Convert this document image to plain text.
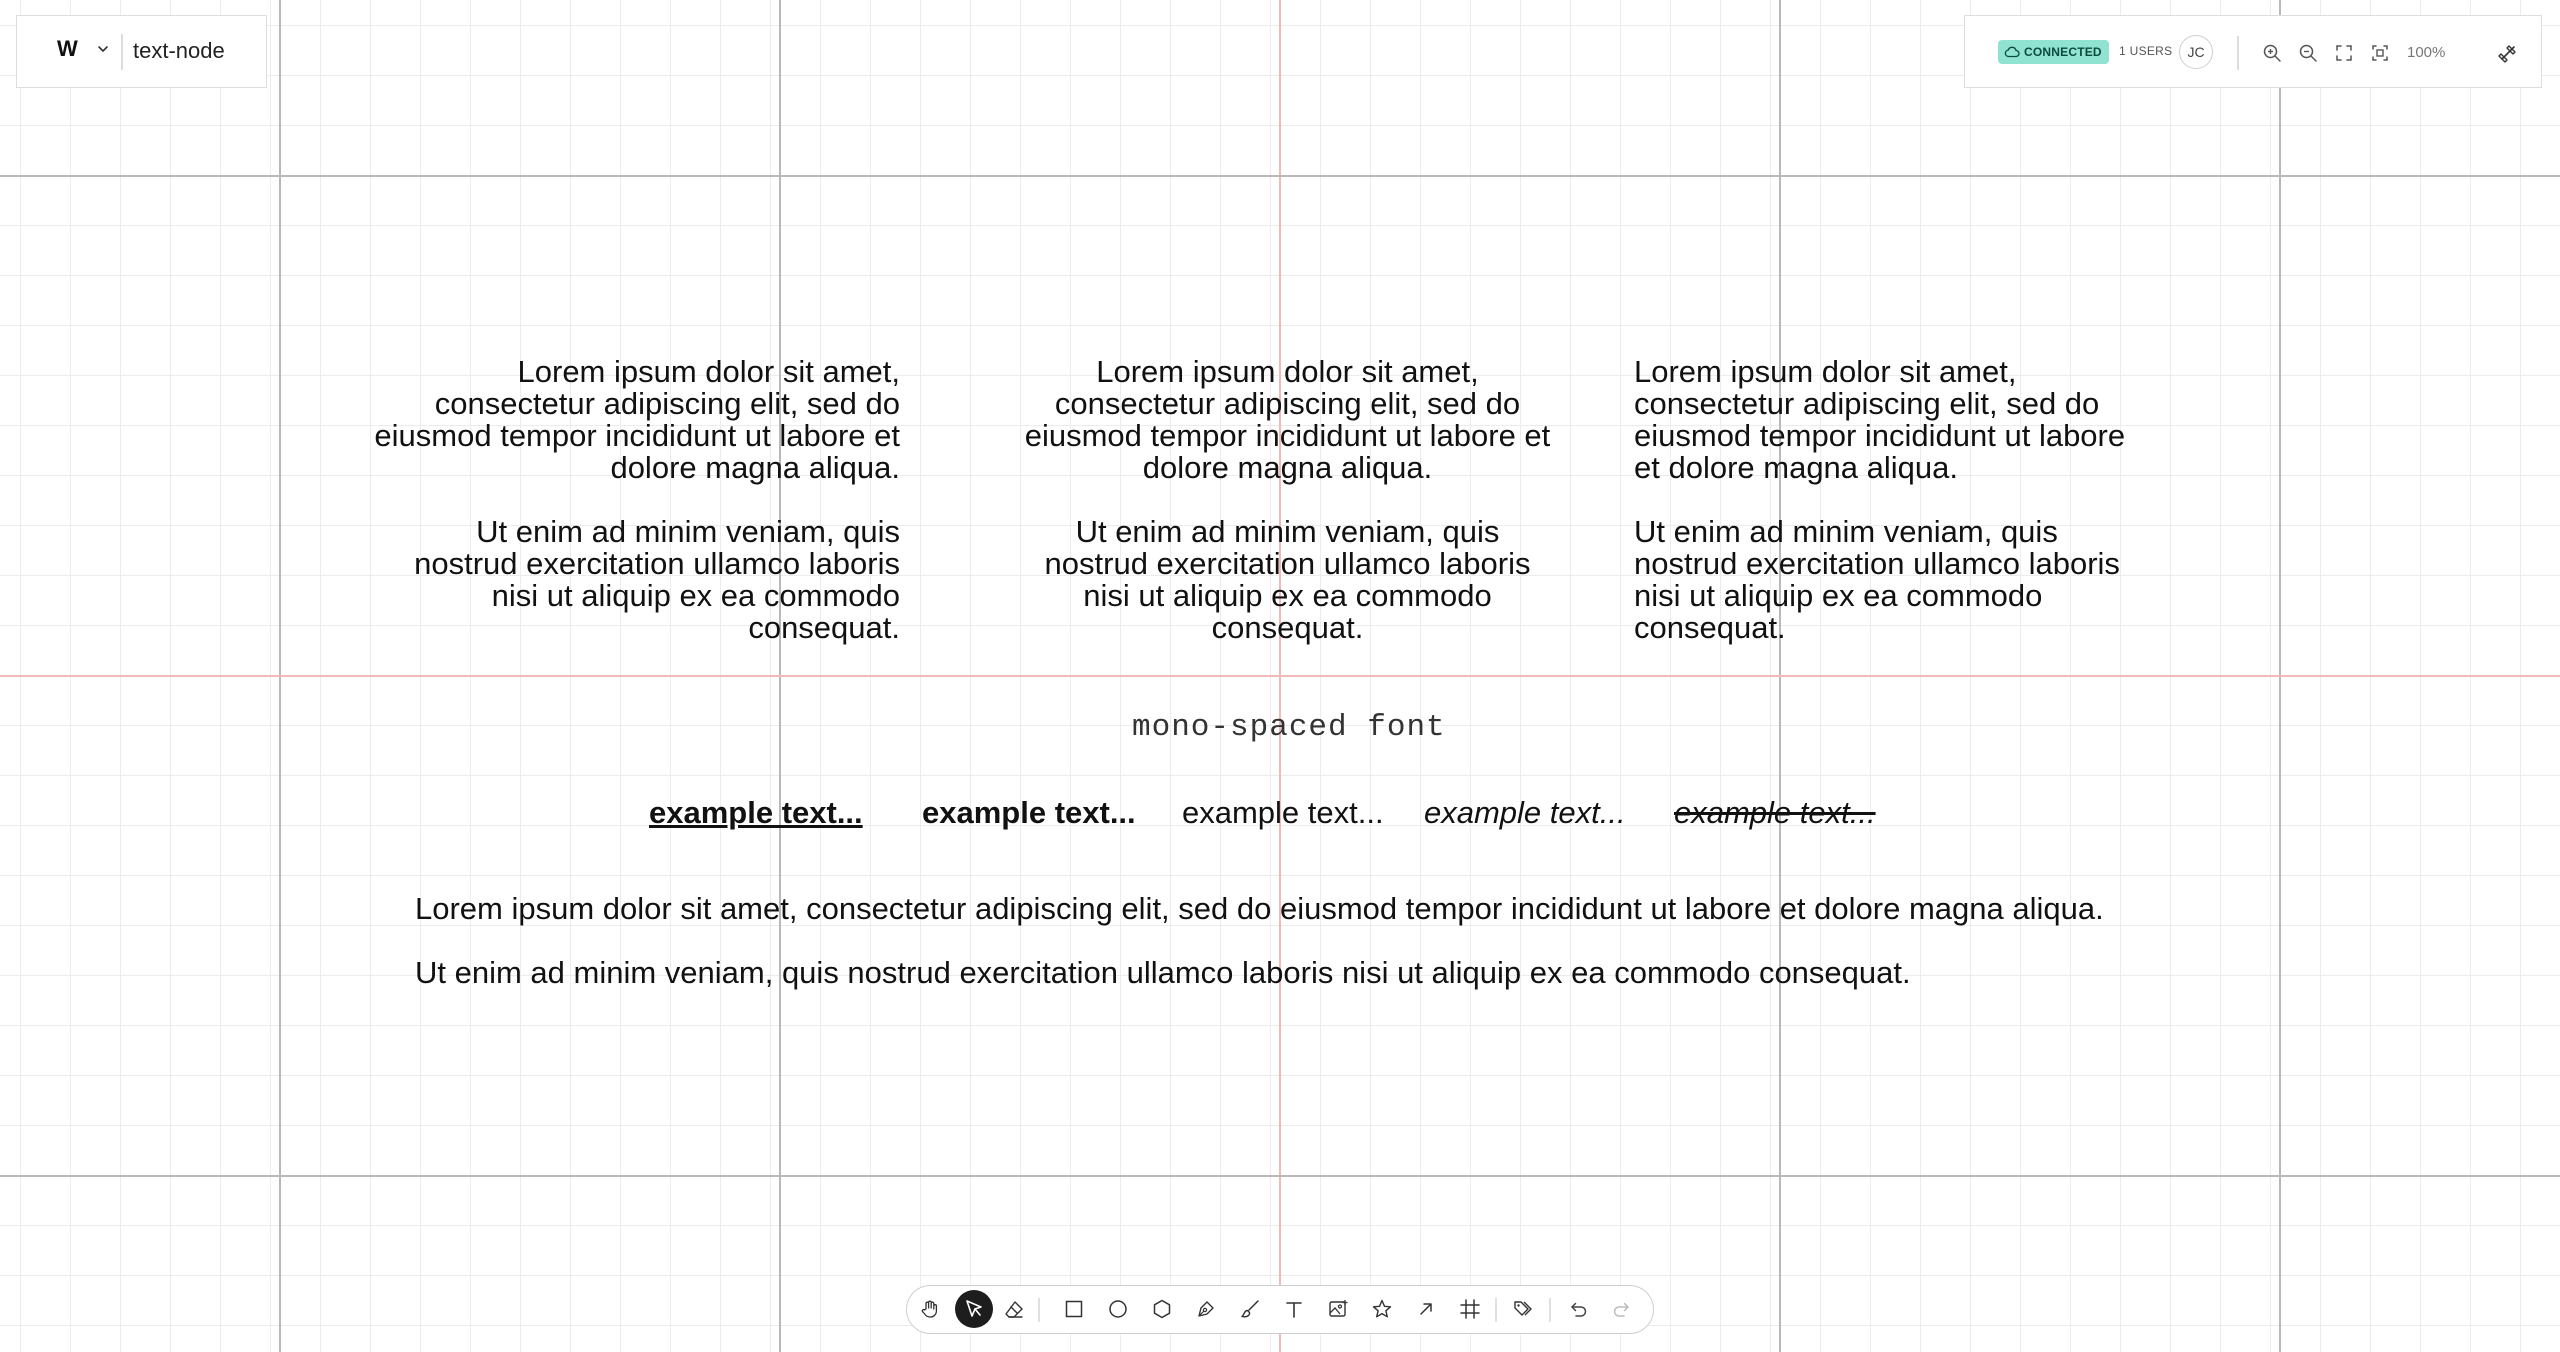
W	text-node	CONNECTED 1 USERS	JC	100%

Lorem ipsum dolor sit amet, consectetur adipiscing elit, sed do eiusmod tempor incididunt ut labore et dolore magna aliqua.

Ut enim ad minim veniam, quis nostrud exercitation ullamco laboris nisi ut aliquip ex ea commodo consequat.

Lorem ipsum dolor sit amet, consectetur adipiscing elit, sed do eiusmod tempor incididunt ut labore et dolore magna aliqua.

Ut enim ad minim veniam, quis nostrud exercitation ullamco laboris nisi ut aliquip ex ea commodo consequat.

Lorem ipsum dolor sit amet, consectetur adipiscing elit, sed do eiusmod tempor incididunt ut labore et dolore magna aliqua.

Ut enim ad minim veniam, quis nostrud exercitation ullamco laboris nisi ut aliquip ex ea commodo consequat.

mono-spaced font
example text... example text... example text... example text... example text...
Lorem ipsum dolor sit amet, consectetur adipiscing elit, sed do eiusmod tempor incididunt ut labore et dolore magna aliqua.
Ut enim ad minim veniam, quis nostrud exercitation ullamco laboris nisi ut aliquip ex ea commodo consequat.
